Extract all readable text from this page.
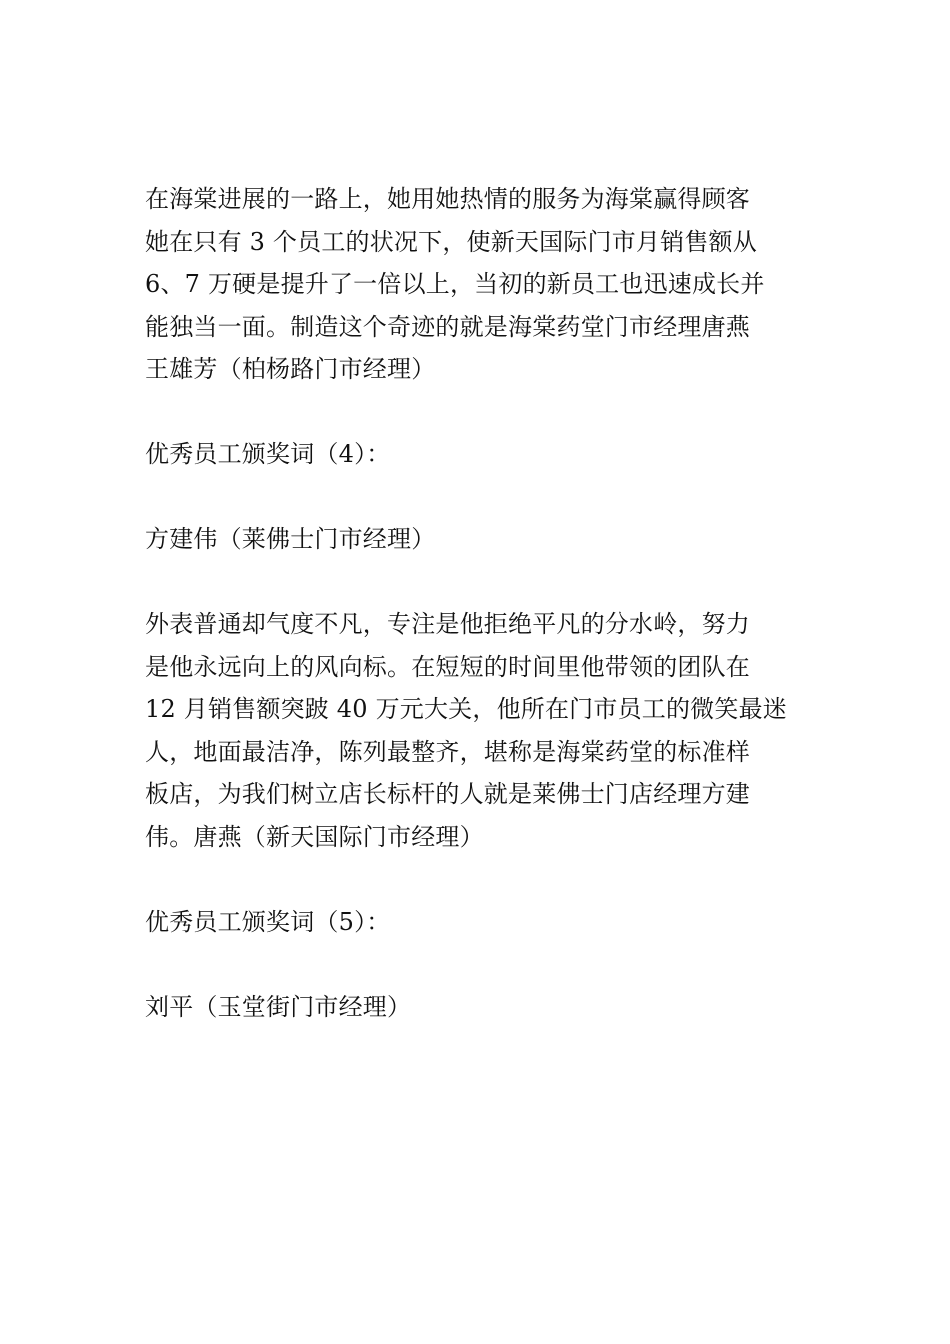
在海棠进展的一路上，她用她热情的服务为海棠赢得顾客
她在只有 3 个员工的状况下，使新天国际门市月销售额从
6、7 万硬是提升了一倍以上，当初的新员工也迅速成长并
能独当一面。制造这个奇迹的就是海棠药堂门市经理唐燕
王雄芳（柏杨路门市经理）

优秀员工颁奖词（4）：

方建伟（莱佛士门市经理）

外表普通却气度不凡，专注是他拒绝平凡的分水岭，努力
是他永远向上的风向标。在短短的时间里他带领的团队在
12 月销售额突跛 40 万元大关，他所在门市员工的微笑最迷
人，地面最洁净，陈列最整齐，堪称是海棠药堂的标准样
板店，为我们树立店长标杆的人就是莱佛士门店经理方建
伟。唐燕（新天国际门市经理）

优秀员工颁奖词（5）：

刘平（玉堂街门市经理）
